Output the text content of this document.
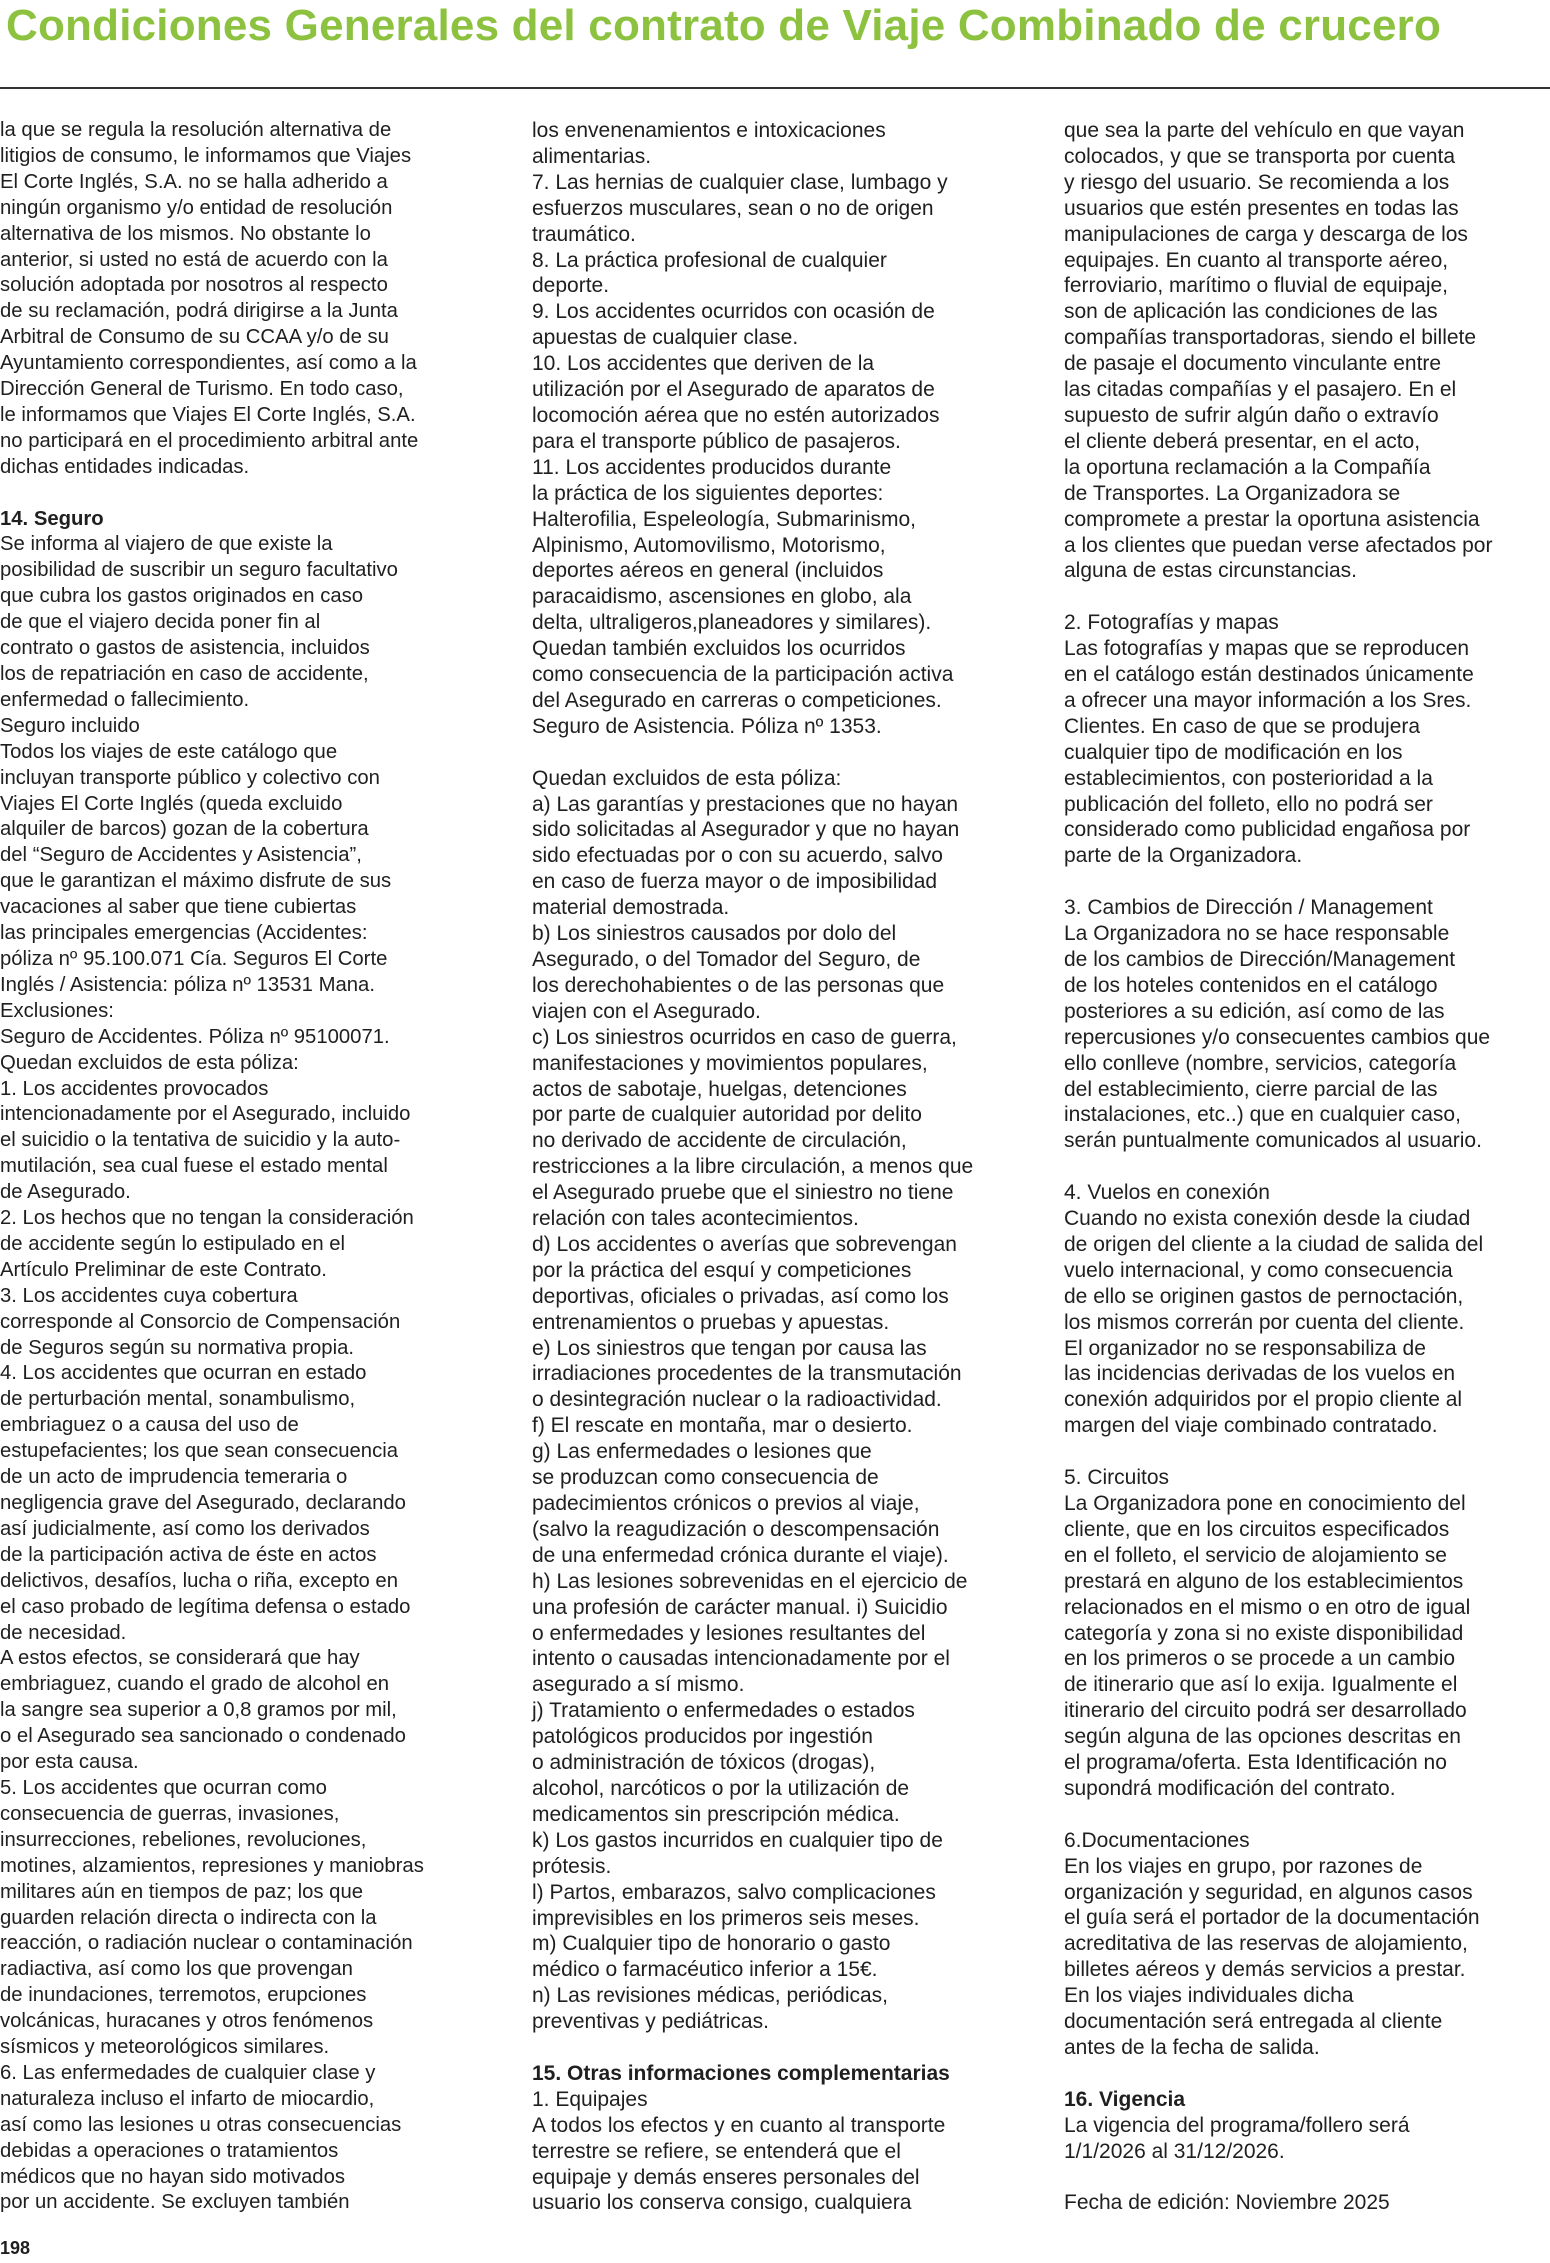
Condiciones Generales del contrato de Viaje Combinado de crucero
la que se regula la resolución alternativa de
litigios de consumo, le informamos que Viajes
El Corte Inglés, S.A. no se halla adherido a
ningún organismo y/o entidad de resolución
alternativa de los mismos. No obstante lo
anterior, si usted no está de acuerdo con la
solución adoptada por nosotros al respecto
de su reclamación, podrá dirigirse a la Junta
Arbitral de Consumo de su CCAA y/o de su
Ayuntamiento correspondientes, así como a la
Dirección General de Turismo. En todo caso,
le informamos que Viajes El Corte Inglés, S.A.
no participará en el procedimiento arbitral ante
dichas entidades indicadas.
14. Seguro
Se informa al viajero de que existe la
posibilidad de suscribir un seguro facultativo
que cubra los gastos originados en caso
de que el viajero decida poner fin al
contrato o gastos de asistencia, incluidos
los de repatriación en caso de accidente,
enfermedad o fallecimiento.
Seguro incluido
Todos los viajes de este catálogo que
incluyan transporte público y colectivo con
Viajes El Corte Inglés (queda excluido
alquiler de barcos) gozan de la cobertura
del “Seguro de Accidentes y Asistencia”,
que le garantizan el máximo disfrute de sus
vacaciones al saber que tiene cubiertas
las principales emergencias (Accidentes:
póliza nº 95.100.071 Cía. Seguros El Corte
Inglés / Asistencia: póliza nº 13531 Mana.
Exclusiones:
Seguro de Accidentes. Póliza nº 95100071.
Quedan excluidos de esta póliza:
1. Los accidentes provocados
intencionadamente por el Asegurado, incluido
el suicidio o la tentativa de suicidio y la auto-
mutilación, sea cual fuese el estado mental
de Asegurado.
2. Los hechos que no tengan la consideración
de accidente según lo estipulado en el
Artículo Preliminar de este Contrato.
3. Los accidentes cuya cobertura
corresponde al Consorcio de Compensación
de Seguros según su normativa propia.
4. Los accidentes que ocurran en estado
de perturbación mental, sonambulismo,
embriaguez o a causa del uso de
estupefacientes; los que sean consecuencia
de un acto de imprudencia temeraria o
negligencia grave del Asegurado, declarando
así judicialmente, así como los derivados
de la participación activa de éste en actos
delictivos, desafíos, lucha o riña, excepto en
el caso probado de legítima defensa o estado
de necesidad.
A estos efectos, se considerará que hay
embriaguez, cuando el grado de alcohol en
la sangre sea superior a 0,8 gramos por mil,
o el Asegurado sea sancionado o condenado
por esta causa.
5. Los accidentes que ocurran como
consecuencia de guerras, invasiones,
insurrecciones, rebeliones, revoluciones,
motines, alzamientos, represiones y maniobras
militares aún en tiempos de paz; los que
guarden relación directa o indirecta con la
reacción, o radiación nuclear o contaminación
radiactiva, así como los que provengan
de inundaciones, terremotos, erupciones
volcánicas, huracanes y otros fenómenos
sísmicos y meteorológicos similares.
6. Las enfermedades de cualquier clase y
naturaleza incluso el infarto de miocardio,
así como las lesiones u otras consecuencias
debidas a operaciones o tratamientos
médicos que no hayan sido motivados
por un accidente. Se excluyen también
los envenenamientos e intoxicaciones
alimentarias.
7. Las hernias de cualquier clase, lumbago y
esfuerzos musculares, sean o no de origen
traumático.
8. La práctica profesional de cualquier
deporte.
9. Los accidentes ocurridos con ocasión de
apuestas de cualquier clase.
10. Los accidentes que deriven de la
utilización por el Asegurado de aparatos de
locomoción aérea que no estén autorizados
para el transporte público de pasajeros.
11. Los accidentes producidos durante
la práctica de los siguientes deportes:
Halterofilia, Espeleología, Submarinismo,
Alpinismo, Automovilismo, Motorismo,
deportes aéreos en general (incluidos
paracaidismo, ascensiones en globo, ala
delta, ultraligeros,planeadores y similares).
Quedan también excluidos los ocurridos
como consecuencia de la participación activa
del Asegurado en carreras o competiciones.
Seguro de Asistencia. Póliza nº 1353.
Quedan excluidos de esta póliza:
a) Las garantías y prestaciones que no hayan
sido solicitadas al Asegurador y que no hayan
sido efectuadas por o con su acuerdo, salvo
en caso de fuerza mayor o de imposibilidad
material demostrada.
b) Los siniestros causados por dolo del
Asegurado, o del Tomador del Seguro, de
los derechohabientes o de las personas que
viajen con el Asegurado.
c) Los siniestros ocurridos en caso de guerra,
manifestaciones y movimientos populares,
actos de sabotaje, huelgas, detenciones
por parte de cualquier autoridad por delito
no derivado de accidente de circulación,
restricciones a la libre circulación, a menos que
el Asegurado pruebe que el siniestro no tiene
relación con tales acontecimientos.
d) Los accidentes o averías que sobrevengan
por la práctica del esquí y competiciones
deportivas, oficiales o privadas, así como los
entrenamientos o pruebas y apuestas.
e) Los siniestros que tengan por causa las
irradiaciones procedentes de la transmutación
o desintegración nuclear o la radioactividad.
f) El rescate en montaña, mar o desierto.
g) Las enfermedades o lesiones que
se produzcan como consecuencia de
padecimientos crónicos o previos al viaje,
(salvo la reagudización o descompensación
de una enfermedad crónica durante el viaje).
h) Las lesiones sobrevenidas en el ejercicio de
una profesión de carácter manual. i) Suicidio
o enfermedades y lesiones resultantes del
intento o causadas intencionadamente por el
asegurado a sí mismo.
j) Tratamiento o enfermedades o estados
patológicos producidos por ingestión
o administración de tóxicos (drogas),
alcohol, narcóticos o por la utilización de
medicamentos sin prescripción médica.
k) Los gastos incurridos en cualquier tipo de
prótesis.
l) Partos, embarazos, salvo complicaciones
imprevisibles en los primeros seis meses.
m) Cualquier tipo de honorario o gasto
médico o farmacéutico inferior a 15€.
n) Las revisiones médicas, periódicas,
preventivas y pediátricas.
15. Otras informaciones complementarias
1. Equipajes
A todos los efectos y en cuanto al transporte
terrestre se refiere, se entenderá que el
equipaje y demás enseres personales del
usuario los conserva consigo, cualquiera
que sea la parte del vehículo en que vayan
colocados, y que se transporta por cuenta
y riesgo del usuario. Se recomienda a los
usuarios que estén presentes en todas las
manipulaciones de carga y descarga de los
equipajes. En cuanto al transporte aéreo,
ferroviario, marítimo o fluvial de equipaje,
son de aplicación las condiciones de las
compañías transportadoras, siendo el billete
de pasaje el documento vinculante entre
las citadas compañías y el pasajero. En el
supuesto de sufrir algún daño o extravío
el cliente deberá presentar, en el acto,
la oportuna reclamación a la Compañía
de Transportes. La Organizadora se
compromete a prestar la oportuna asistencia
a los clientes que puedan verse afectados por
alguna de estas circunstancias.
2. Fotografías y mapas
Las fotografías y mapas que se reproducen
en el catálogo están destinados únicamente
a ofrecer una mayor información a los Sres.
Clientes. En caso de que se produjera
cualquier tipo de modificación en los
establecimientos, con posterioridad a la
publicación del folleto, ello no podrá ser
considerado como publicidad engañosa por
parte de la Organizadora.
3. Cambios de Dirección / Management
La Organizadora no se hace responsable
de los cambios de Dirección/Management
de los hoteles contenidos en el catálogo
posteriores a su edición, así como de las
repercusiones y/o consecuentes cambios que
ello conlleve (nombre, servicios, categoría
del establecimiento, cierre parcial de las
instalaciones, etc..) que en cualquier caso,
serán puntualmente comunicados al usuario.
4. Vuelos en conexión
Cuando no exista conexión desde la ciudad
de origen del cliente a la ciudad de salida del
vuelo internacional, y como consecuencia
de ello se originen gastos de pernoctación,
los mismos correrán por cuenta del cliente.
El organizador no se responsabiliza de
las incidencias derivadas de los vuelos en
conexión adquiridos por el propio cliente al
margen del viaje combinado contratado.
5. Circuitos
La Organizadora pone en conocimiento del
cliente, que en los circuitos especificados
en el folleto, el servicio de alojamiento se
prestará en alguno de los establecimientos
relacionados en el mismo o en otro de igual
categoría y zona si no existe disponibilidad
en los primeros o se procede a un cambio
de itinerario que así lo exija. Igualmente el
itinerario del circuito podrá ser desarrollado
según alguna de las opciones descritas en
el programa/oferta. Esta Identificación no
supondrá modificación del contrato.
6.Documentaciones
En los viajes en grupo, por razones de
organización y seguridad, en algunos casos
el guía será el portador de la documentación
acreditativa de las reservas de alojamiento,
billetes aéreos y demás servicios a prestar.
En los viajes individuales dicha
documentación será entregada al cliente
antes de la fecha de salida.
16. Vigencia
La vigencia del programa/follero será
1/1/2026 al 31/12/2026.
Fecha de edición: Noviembre 2025
198
